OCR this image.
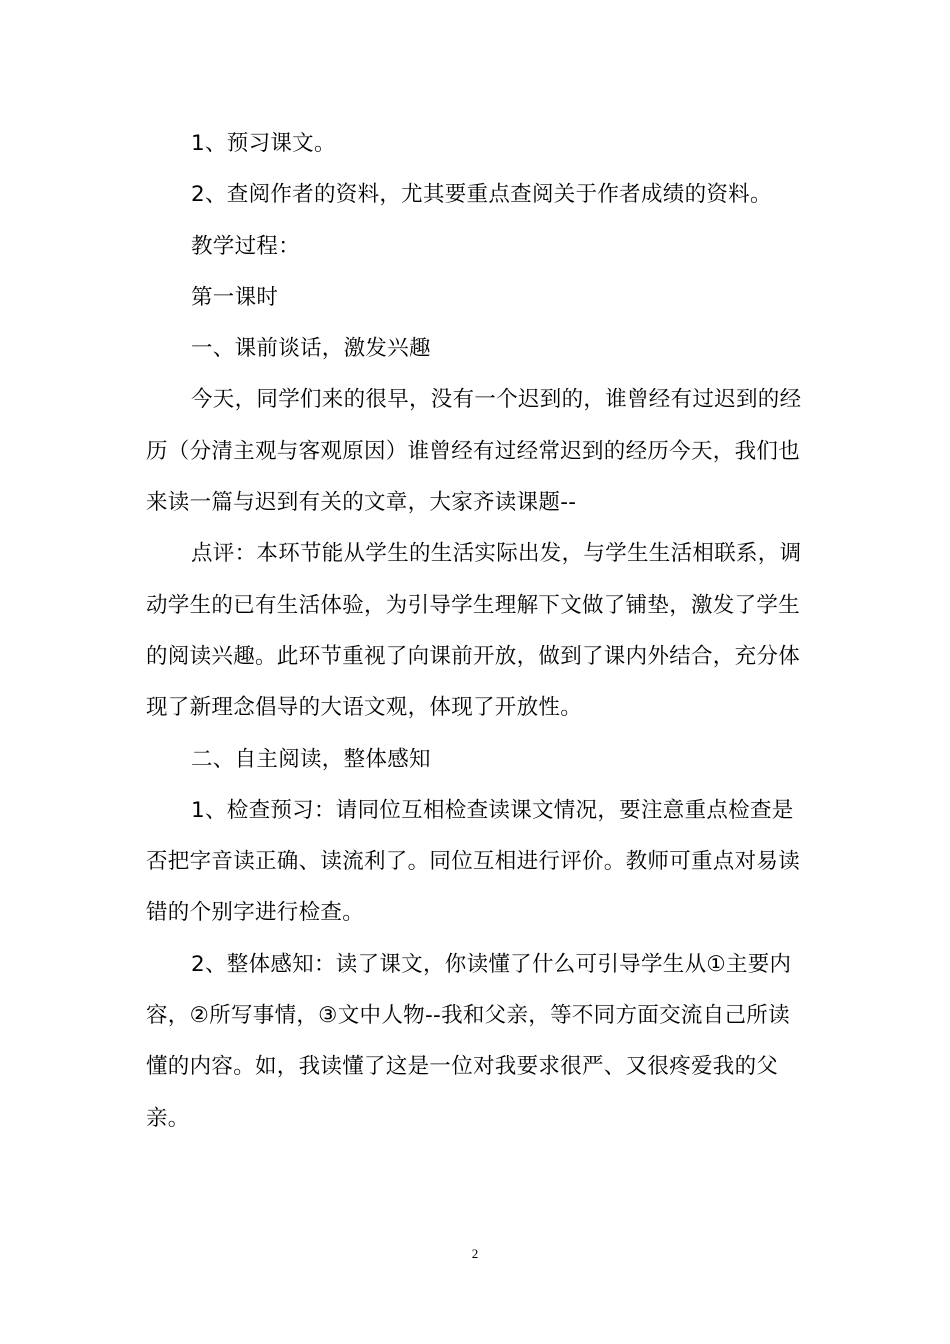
1、预习课文。

2、查阅作者的资料，尤其要重点查阅关于作者成绩的资料。

教学过程：

第一课时

一、课前谈话，激发兴趣

今天，同学们来的很早，没有一个迟到的，谁曾经有过迟到的经历（分清主观与客观原因）谁曾经有过经常迟到的经历今天，我们也来读一篇与迟到有关的文章，大家齐读课题--

点评：本环节能从学生的生活实际出发，与学生生活相联系，调动学生的已有生活体验，为引导学生理解下文做了铺垫，激发了学生的阅读兴趣。此环节重视了向课前开放，做到了课内外结合，充分体现了新理念倡导的大语文观，体现了开放性。

二、自主阅读，整体感知

1、检查预习：请同位互相检查读课文情况，要注意重点检查是否把字音读正确、读流利了。同位互相进行评价。教师可重点对易读错的个别字进行检查。

2、整体感知：读了课文，你读懂了什么可引导学生从①主要内容，②所写事情，③文中人物--我和父亲，等不同方面交流自己所读懂的内容。如，我读懂了这是一位对我要求很严、又很疼爱我的父亲。

2
